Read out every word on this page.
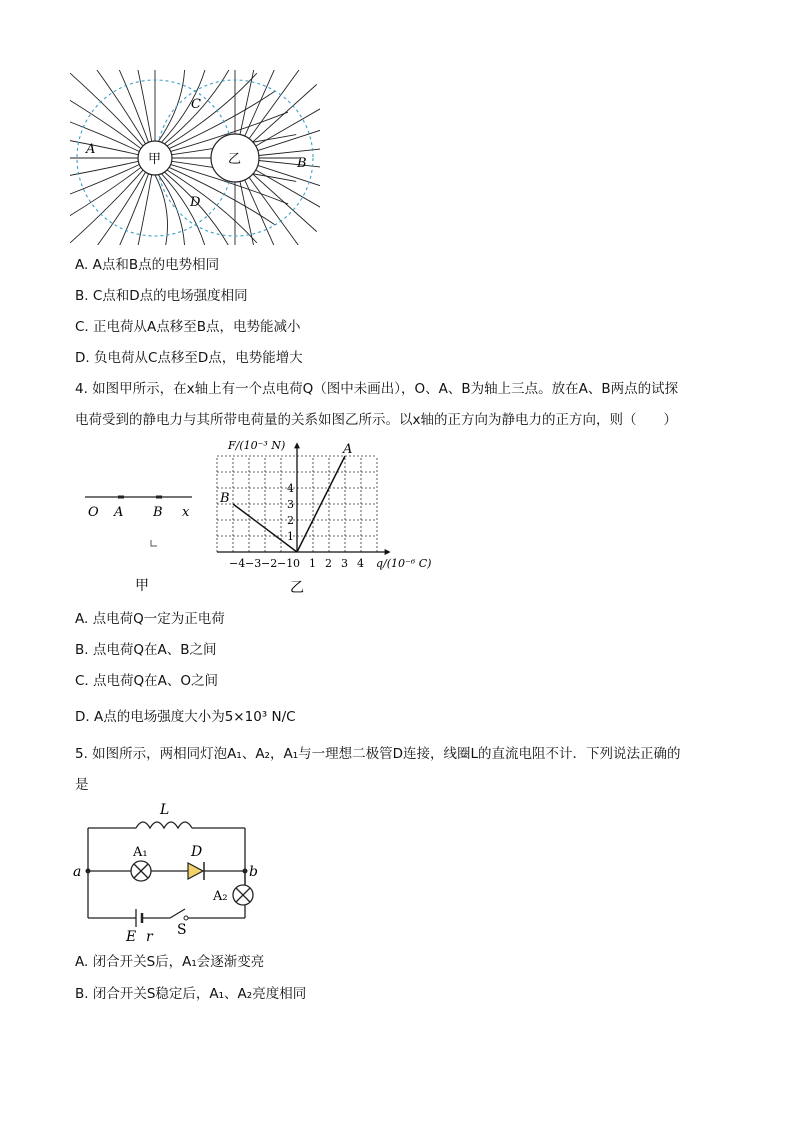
甲	乙
A
B
C
D
A. A点和B点的电势相同
B. C点和D点的电场强度相同
C. 正电荷从A点移至B点，电势能减小
D. 负电荷从C点移至D点，电势能增大
4. 如图甲所示，在x轴上有一个点电荷Q（图中未画出），O、A、B为轴上三点。放在A、B两点的试探
电荷受到的静电力与其所带电荷量的关系如图乙所示。以x轴的正方向为静电力的正方向，则（　　）
O A B x
甲
−4 −3 −2 −1 0 1 2 3 4
1
2
3
4
A
B
F/(10⁻³ N)
q/(10⁻⁶ C)
乙
A. 点电荷Q一定为正电荷
B. 点电荷Q在A、B之间
C. 点电荷Q在A、O之间
D. A点的电场强度大小为5×10³ N/C
5. 如图所示，两相同灯泡A₁、A₂，A₁与一理想二极管D连接，线圈L的直流电阻不计．下列说法正确的
是
L
A₁	D
a	b
A₂
E r S
A. 闭合开关S后，A₁会逐渐变亮
B. 闭合开关S稳定后，A₁、A₂亮度相同
